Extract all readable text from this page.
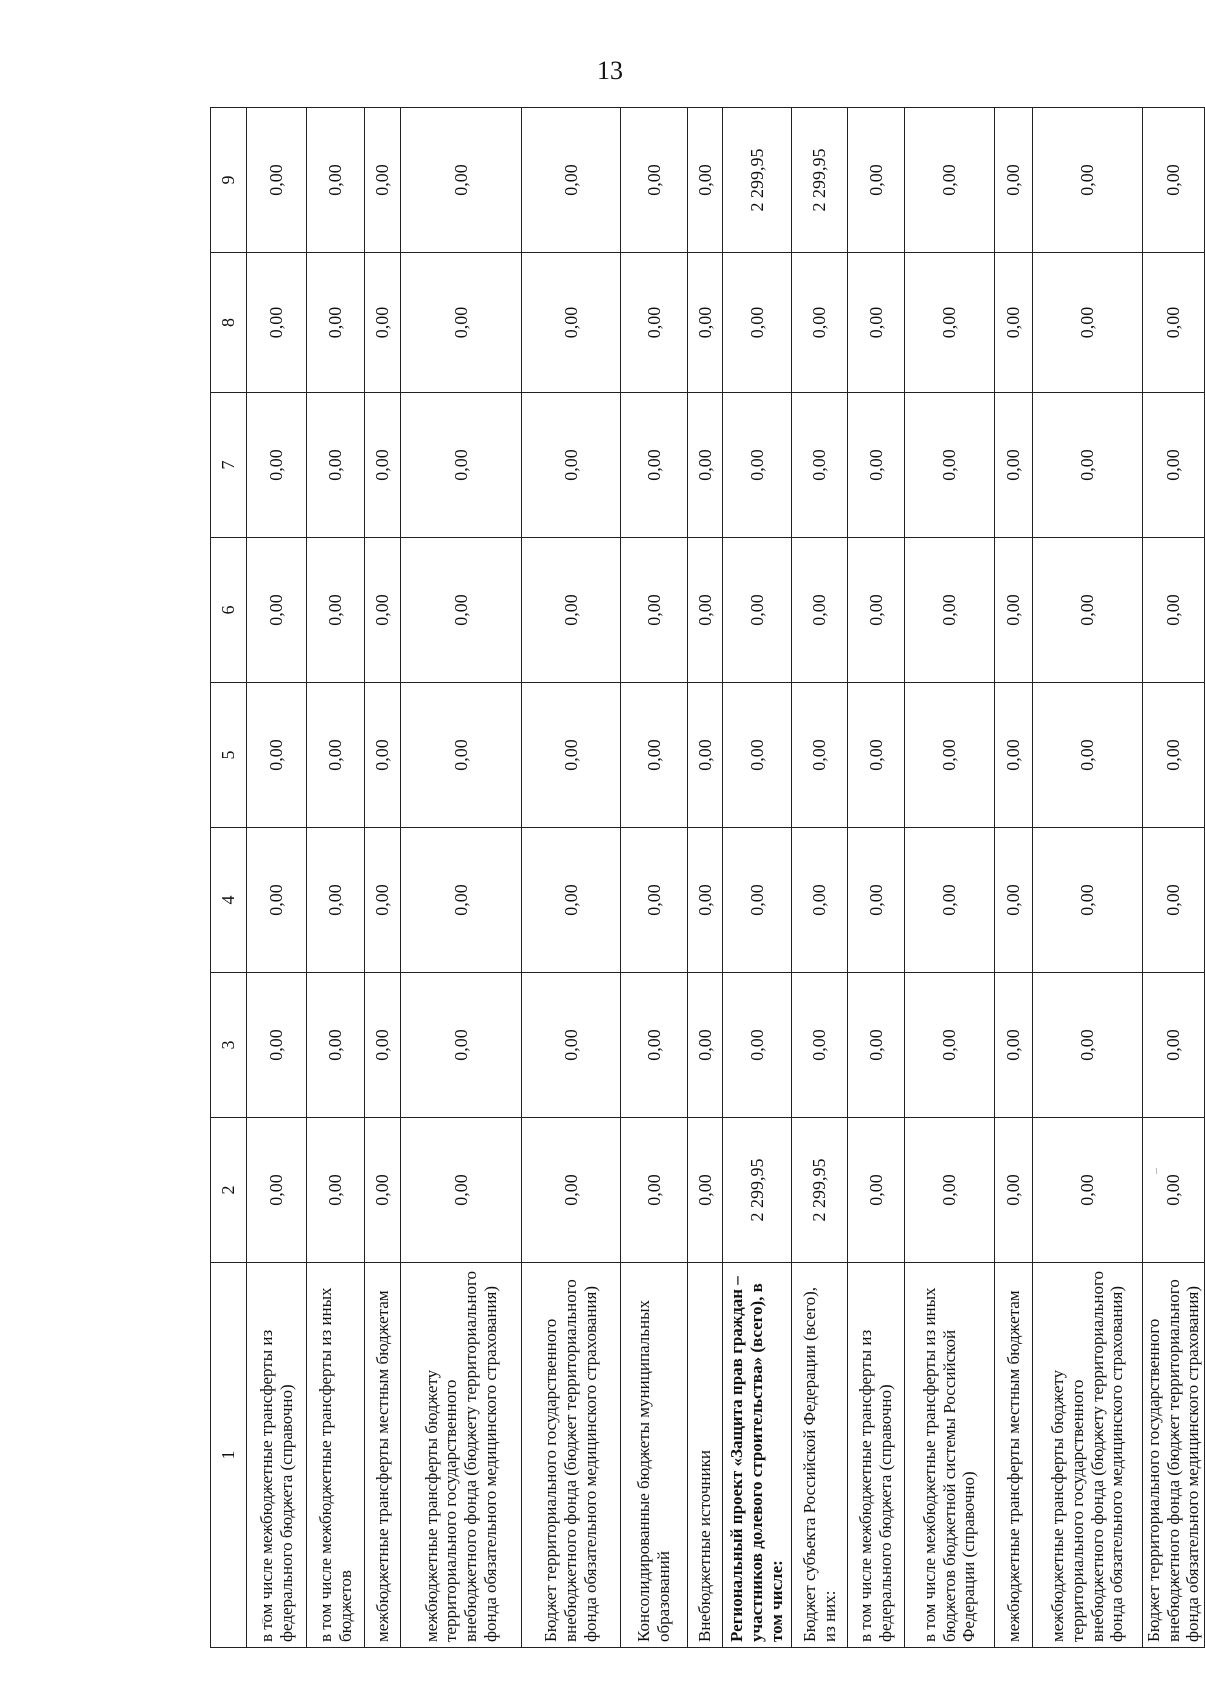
13
1	2	3	4	5	6	7	8	9
в том числе межбюджетные трансферты из федерального бюджета (справочно)	0,00	0,00	0,00	0,00	0,00	0,00	0,00	0,00
в том числе межбюджетные трансферты из иных бюджетов	0,00	0,00	0,00	0,00	0,00	0,00	0,00	0,00
межбюджетные трансферты местным бюджетам	0,00	0,00	0,00	0,00	0,00	0,00	0,00	0,00
межбюджетные трансферты бюджету территориального государственного внебюджетного фонда (бюджету территориального фонда обязательного медицинского страхования)	0,00	0,00	0,00	0,00	0,00	0,00	0,00	0,00
Бюджет территориального государственного внебюджетного фонда (бюджет территориального фонда обязательного медицинского страхования)	0,00	0,00	0,00	0,00	0,00	0,00	0,00	0,00
Консолидированные бюджеты муниципальных образований	0,00	0,00	0,00	0,00	0,00	0,00	0,00	0,00
Внебюджетные источники	0,00	0,00	0,00	0,00	0,00	0,00	0,00	0,00
Региональный проект «Защита прав граждан – участников долевого строительства» (всего), в том числе:	2 299,95	0,00	0,00	0,00	0,00	0,00	0,00	2 299,95
Бюджет субъекта Российской Федерации (всего), из них:	2 299,95	0,00	0,00	0,00	0,00	0,00	0,00	2 299,95
в том числе межбюджетные трансферты из федерального бюджета (справочно)	0,00	0,00	0,00	0,00	0,00	0,00	0,00	0,00
в том числе межбюджетные трансферты из иных бюджетов бюджетной системы Российской Федерации (справочно)	0,00	0,00	0,00	0,00	0,00	0,00	0,00	0,00
межбюджетные трансферты местным бюджетам	0,00	0,00	0,00	0,00	0,00	0,00	0,00	0,00
межбюджетные трансферты бюджету территориального государственного внебюджетного фонда (бюджету территориального фонда обязательного медицинского страхования)	0,00	0,00	0,00	0,00	0,00	0,00	0,00	0,00
Бюджет территориального государственного внебюджетного фонда (бюджет территориального фонда обязательного медицинского страхования)	0,00	0,00	0,00	0,00	0,00	0,00	0,00	0,00
